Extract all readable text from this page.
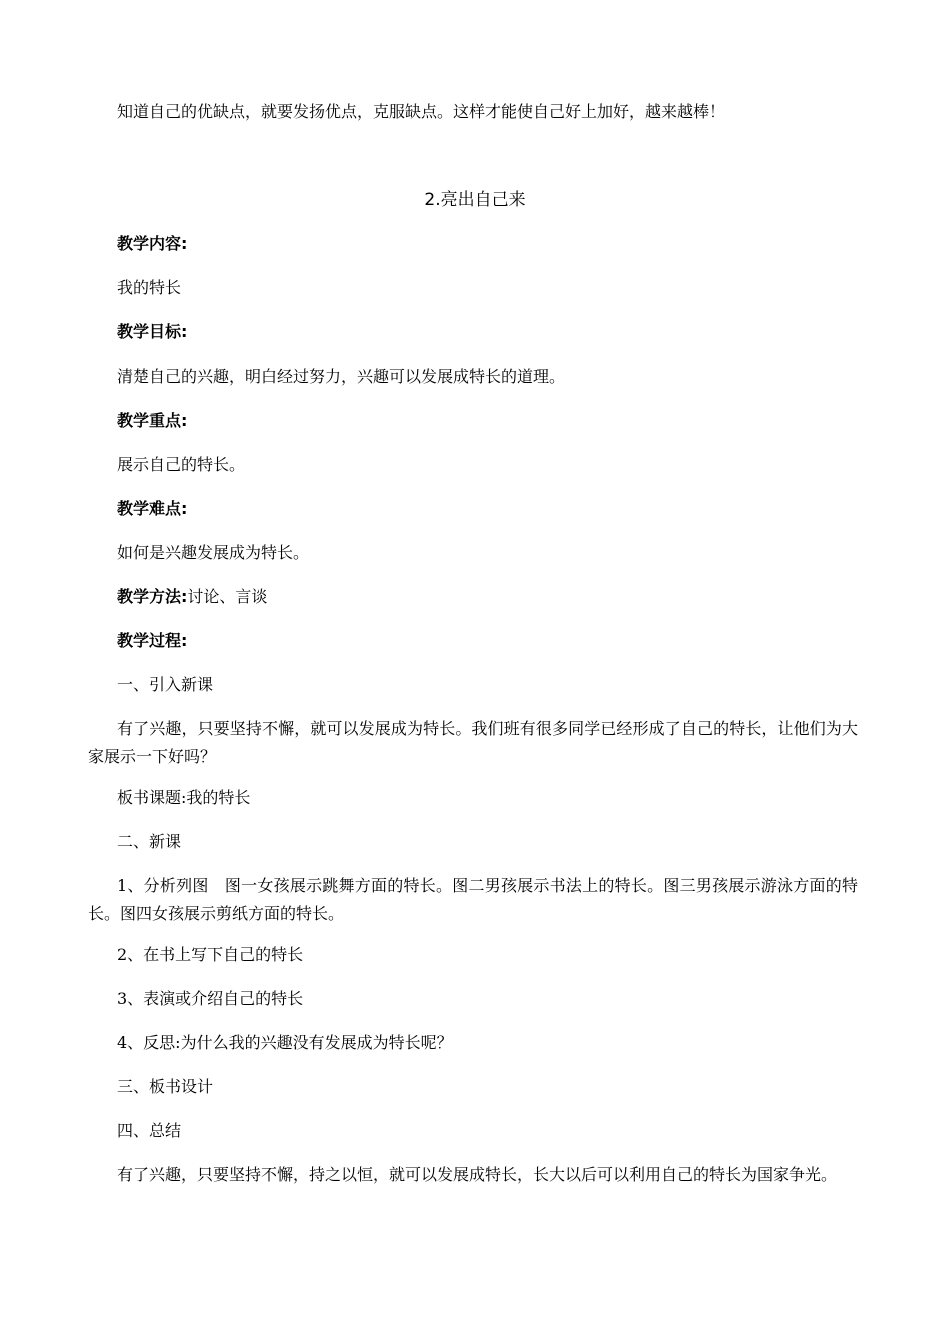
知道自己的优缺点，就要发扬优点，克服缺点。这样才能使自己好上加好，越来越棒！
2.亮出自己来
教学内容:
我的特长
教学目标:
清楚自己的兴趣，明白经过努力，兴趣可以发展成特长的道理。
教学重点:
展示自己的特长。
教学难点:
如何是兴趣发展成为特长。
教学方法:讨论、言谈
教学过程:
一、引入新课
有了兴趣，只要坚持不懈，就可以发展成为特长。我们班有很多同学已经形成了自己的特长，让他们为大家展示一下好吗？
板书课题:我的特长
二、新课
1、分析列图　图一女孩展示跳舞方面的特长。图二男孩展示书法上的特长。图三男孩展示游泳方面的特长。图四女孩展示剪纸方面的特长。
2、在书上写下自己的特长
3、表演或介绍自己的特长
4、反思:为什么我的兴趣没有发展成为特长呢？
三、板书设计
四、总结
有了兴趣，只要坚持不懈，持之以恒，就可以发展成特长，长大以后可以利用自己的特长为国家争光。
